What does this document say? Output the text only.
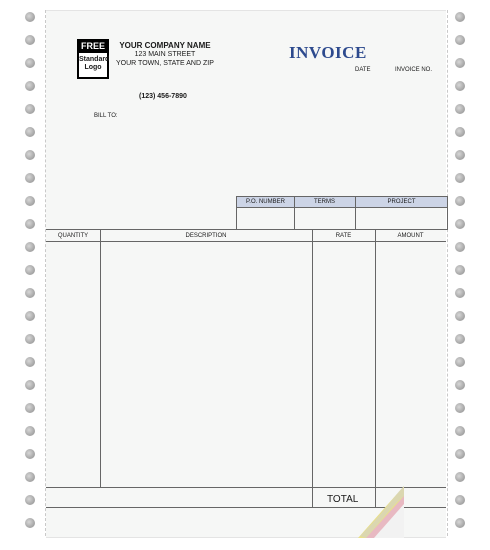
FREE
Standard
Logo
YOUR COMPANY NAME
123 MAIN STREET
YOUR TOWN, STATE AND ZIP
(123) 456-7890
BILL TO:
INVOICE
DATE	INVOICE NO.
P.O. NUMBER	TERMS	PROJECT
QUANTITY	DESCRIPTION	RATE	AMOUNT
TOTAL
